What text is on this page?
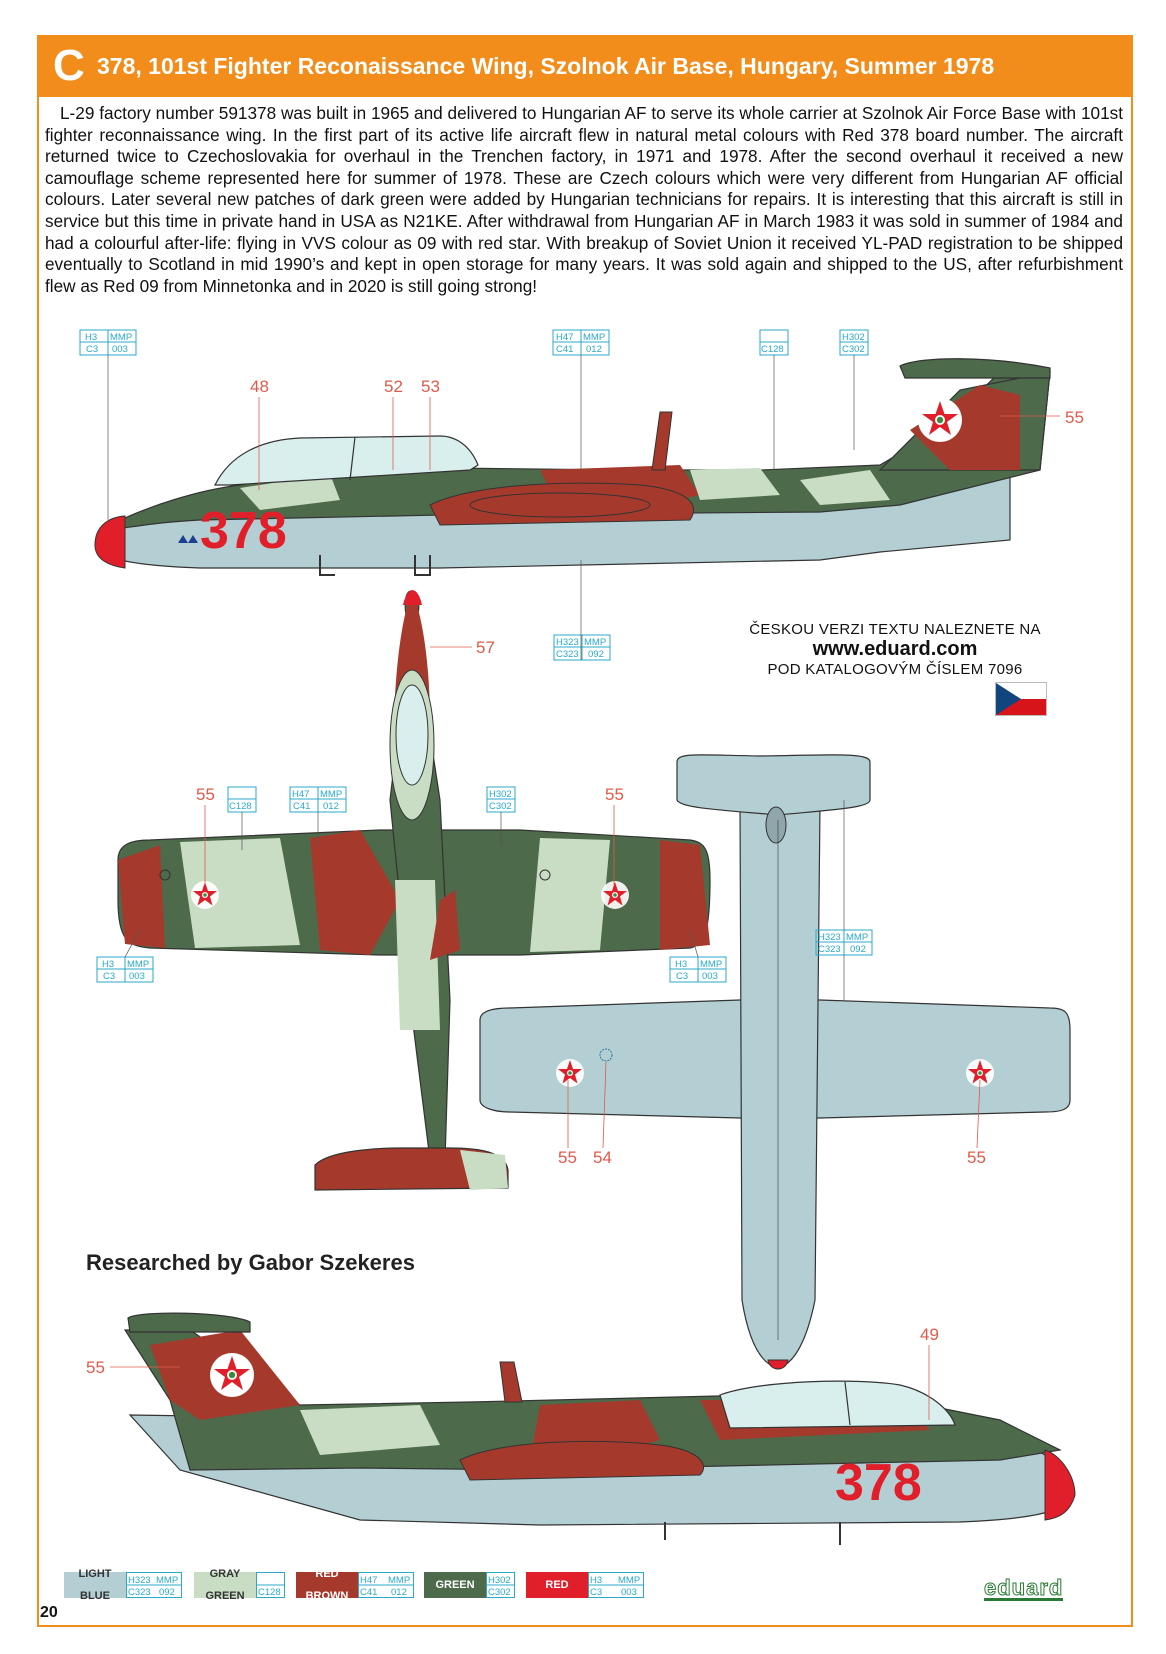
C 378, 101st Fighter Reconaissance Wing, Szolnok Air Base, Hungary, Summer 1978

L-29 factory number 591378 was built in 1965 and delivered to Hungarian AF to serve its whole carrier at Szolnok Air Force Base with 101st fighter reconnaissance wing. In the first part of its active life aircraft flew in natural metal colours with Red 378 board number. The aircraft returned twice to Czechoslovakia for overhaul in the Trenchen factory, in 1971 and 1978. After the second overhaul it received a new camouflage scheme represented here for summer of 1978. These are Czech colours which were very different from Hungarian AF official colours. Later several new patches of dark green were added by Hungarian technicians for repairs. It is interesting that this aircraft is still in service but this time in private hand in USA as N21KE. After withdrawal from Hungarian AF in March 1983 it was sold in summer of 1984 and had a colourful after-life: flying in VVS colour as 09 with red star. With breakup of Soviet Union it received YL-PAD registration to be shipped eventually to Scotland in mid 1990’s and kept in open storage for many years. It was sold again and shipped to the US, after refurbishment flew as Red 09 from Minnetonka and in 2020 is still going strong!

378
378
48	52 53
55
57
55	55
55 54	55
49
55
H3 MMP
C3 003
H47 MMP
C41 012	C128
H302
C302
H323 MMP
C323 092
C128
H47 MMP
C41 012
H302
C302
H3 MMP
C3 003
H3 MMP
C3 003
H323 MMP
C323 092
ČESKOU VERZI TEXTU NALEZNETE NA
www.eduard.com
POD KATALOGOVÝM ČÍSLEM 7096
Researched by Gabor Szekeres
LIGHT

BLUE
H323
C323
MMP
092
GRAY

GREEN C128
RED

BROWN
H47
C41
MMP
012
GREEN H302
C302
RED H3
C3
MMP
003
20
eduard
